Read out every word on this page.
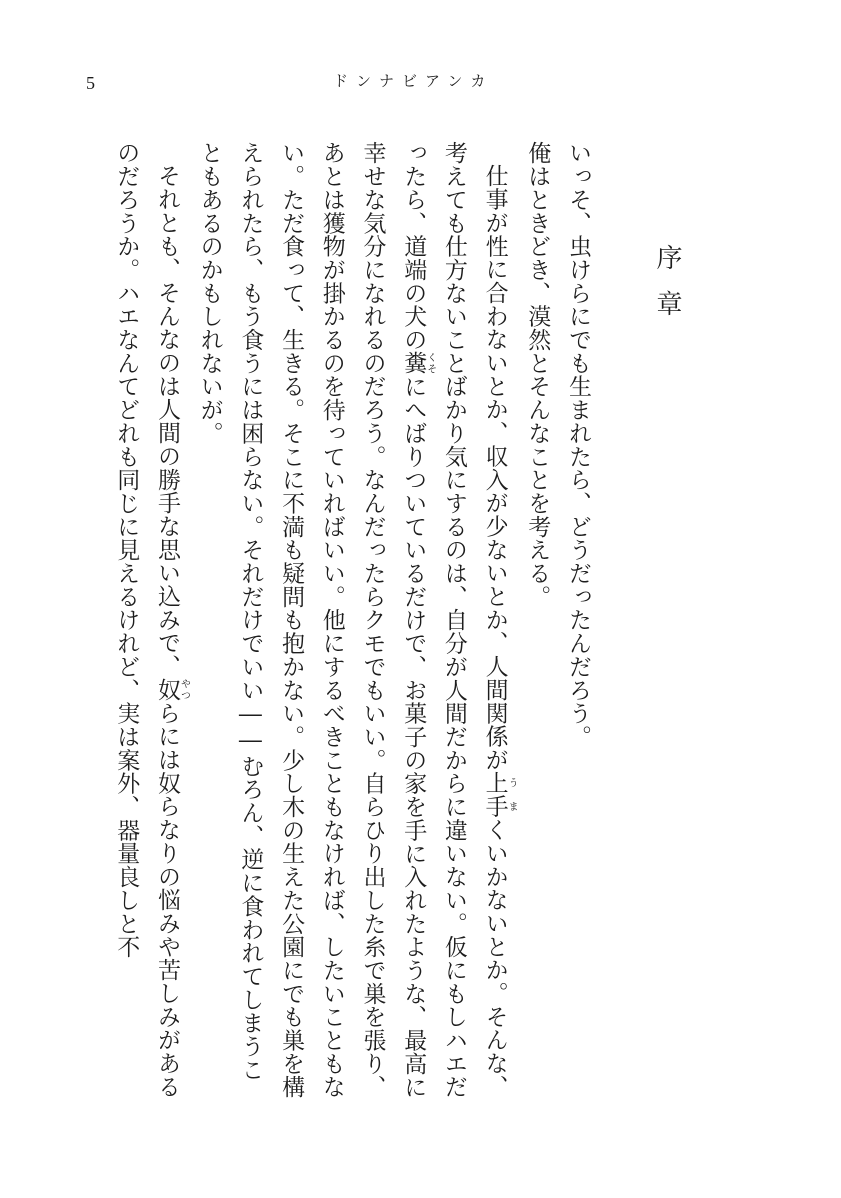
5	ドンナビアンカ
序章

いっそ、虫けらにでも生まれたら、どうだったんだろう。

俺はときどき、漠然とそんなことを考える。

仕事が性に合わないとか、収入が少ないとか、人間関係が上手うまくいかないとか。そんな、考えても仕方ないことばかり気にするのは、自分が人間だからに違いない。仮にもしハエだったら、道端の犬の糞くそにへばりついているだけで、お菓子の家を手に入れたような、最高に幸せな気分になれるのだろう。なんだったらクモでもいい。自らひり出した糸で巣を張り、あとは獲物が掛かるのを待っていればいい。他にするべきこともなければ、したいこともない。ただ食って、生きる。そこに不満も疑問も抱かない。少し木の生えた公園にでも巣を構えられたら、もう食うには困らない。それだけでいい――むろん、逆に食われてしまうこともあるのかもしれないが。

それとも、そんなのは人間の勝手な思い込みで、奴やつらには奴らなりの悩みや苦しみがあるのだろうか。ハエなんてどれも同じに見えるけれど、実は案外、器量良しと不
